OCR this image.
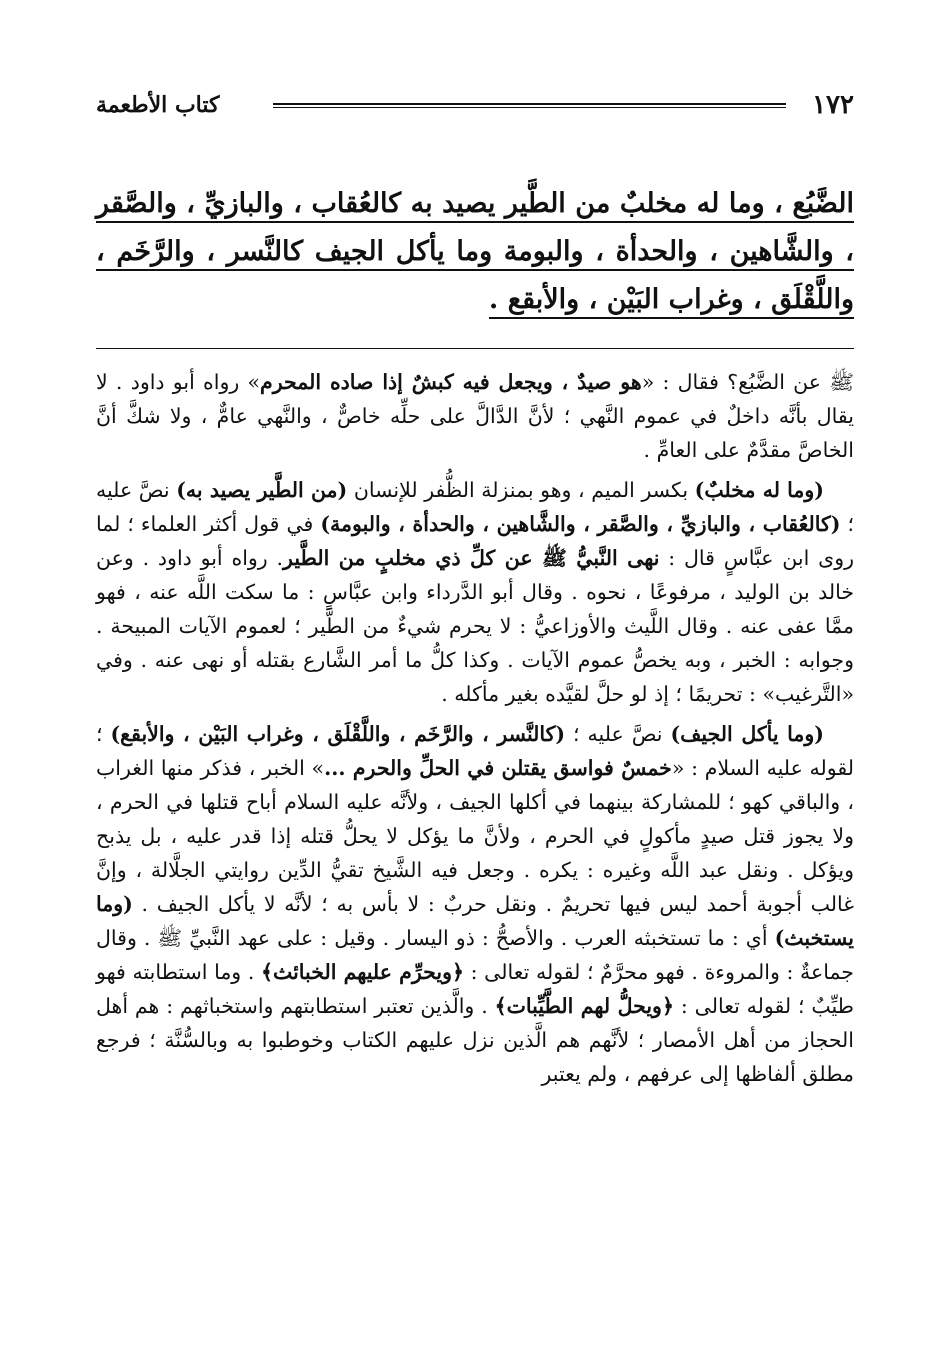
١٧٢
كتاب الأطعمة
الضَّبُع ، وما له مخلبٌ من الطَّير يصيد به كالعُقاب ، والبازيِّ ، والصَّقر ، والشَّاهين ، والحدأة ، والبومة وما يأكل الجيف كالنَّسر ، والرَّخَم ، واللَّقْلَق ، وغراب البَيْن ، والأبقع .

ﷺ عن الضَّبُع؟ فقال : «هو صيدٌ ، ويجعل فيه كبشٌ إذا صاده المحرم» رواه أبو داود . لا يقال بأنَّه داخلٌ في عموم النَّهي ؛ لأنَّ الدَّالَّ على حلِّه خاصٌّ ، والنَّهي عامٌّ ، ولا شكَّ أنَّ الخاصَّ مقدَّمٌ على العامِّ .

(وما له مخلبٌ) بكسر الميم ، وهو بمنزلة الظُّفر للإنسان (من الطَّير يصيد به) نصَّ عليه ؛ (كالعُقاب ، والبازيِّ ، والصَّقر ، والشَّاهين ، والحدأة ، والبومة) في قول أكثر العلماء ؛ لما روى ابن عبَّاسٍ قال : نهى النَّبيُّ ﷺ عن كلِّ ذي مخلبٍ من الطَّير. رواه أبو داود . وعن خالد بن الوليد ، مرفوعًا ، نحوه . وقال أبو الدَّرداء وابن عبَّاسٍ : ما سكت اللَّه عنه ، فهو ممَّا عفى عنه . وقال اللَّيث والأوزاعيُّ : لا يحرم شيءٌ من الطَّير ؛ لعموم الآيات المبيحة . وجوابه : الخبر ، وبه يخصُّ عموم الآيات . وكذا كلُّ ما أمر الشَّارع بقتله أو نهى عنه . وفي «التَّرغيب» : تحريمًا ؛ إذ لو حلَّ لقيَّده بغير مأكله .

(وما يأكل الجيف) نصَّ عليه ؛ (كالنَّسر ، والرَّخَم ، واللَّقْلَق ، وغراب البَيْن ، والأبقع) ؛ لقوله عليه السلام : «خمسٌ فواسق يقتلن في الحلِّ والحرم ...» الخبر ، فذكر منها الغراب ، والباقي كهو ؛ للمشاركة بينهما في أكلها الجيف ، ولأنَّه عليه السلام أباح قتلها في الحرم ، ولا يجوز قتل صيدٍ مأكولٍ في الحرم ، ولأنَّ ما يؤكل لا يحلُّ قتله إذا قدر عليه ، بل يذبح ويؤكل . ونقل عبد اللَّه وغيره : يكره . وجعل فيه الشَّيخ تقيُّ الدِّين روايتي الجلَّالة ، وإنَّ غالب أجوبة أحمد ليس فيها تحريمٌ . ونقل حربٌ : لا بأس به ؛ لأنَّه لا يأكل الجيف . (وما يستخبث) أي : ما تستخبثه العرب . والأصحُّ : ذو اليسار . وقيل : على عهد النَّبيِّ ﷺ . وقال جماعةٌ : والمروءة . فهو محرَّمٌ ؛ لقوله تعالى : ﴿ويحرِّم عليهم الخبائث﴾ . وما استطابته فهو طيِّبٌ ؛ لقوله تعالى : ﴿ويحلُّ لهم الطَّيِّبات﴾ . والَّذين تعتبر استطابتهم واستخباثهم : هم أهل الحجاز من أهل الأمصار ؛ لأنَّهم هم الَّذين نزل عليهم الكتاب وخوطبوا به وبالسُّنَّة ؛ فرجع مطلق ألفاظها إلى عرفهم ، ولم يعتبر
